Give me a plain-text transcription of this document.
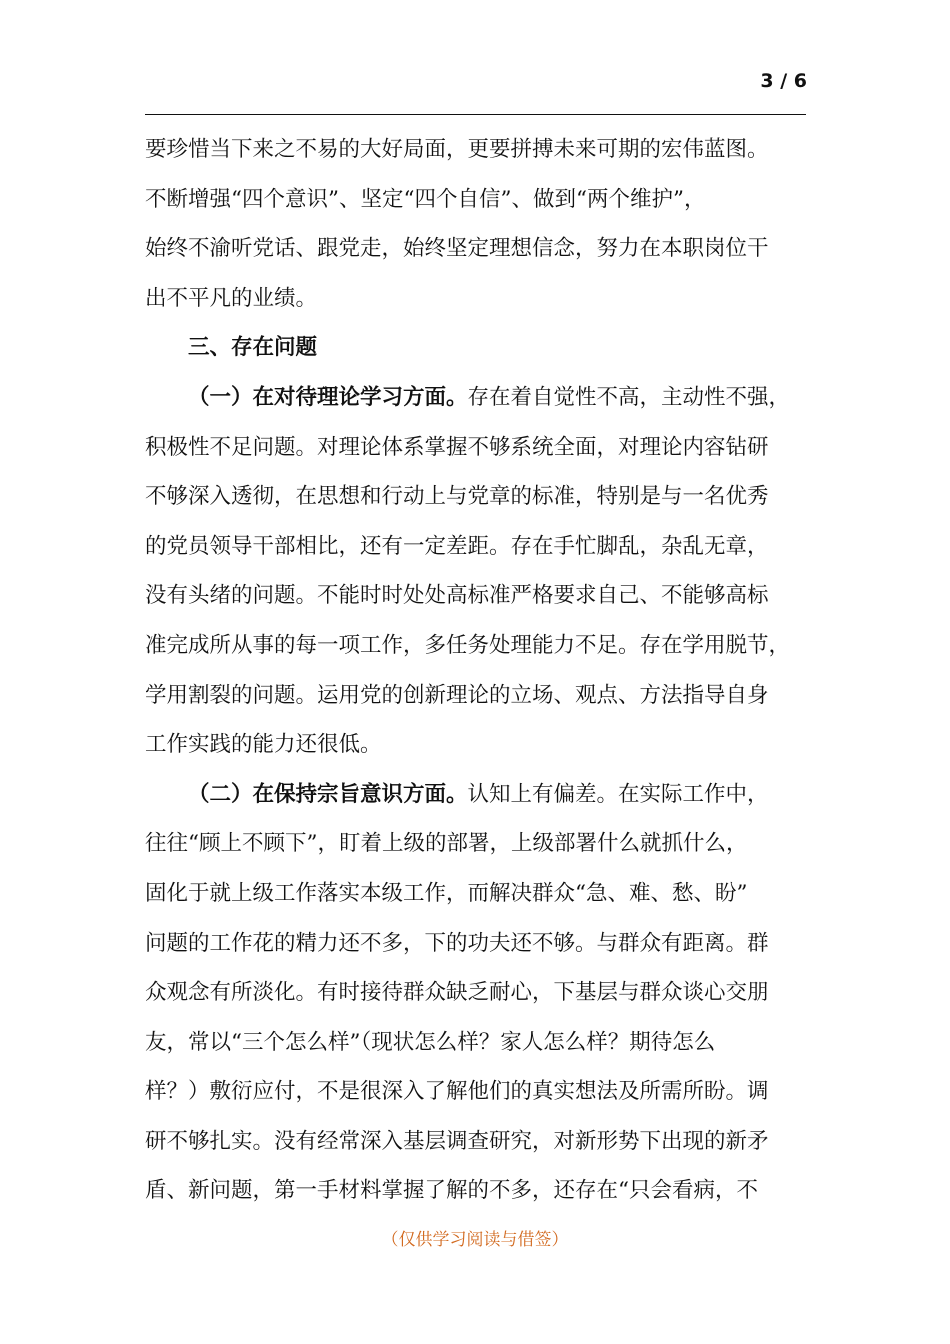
3 / 6
要珍惜当下来之不易的大好局面，更要拼搏未来可期的宏伟蓝图。
不断增强“四个意识”、坚定“四个自信”、做到“两个维护”，
始终不渝听党话、跟党走，始终坚定理想信念，努力在本职岗位干
出不平凡的业绩。
三、存在问题
（一）在对待理论学习方面。存在着自觉性不高，主动性不强，
积极性不足问题。对理论体系掌握不够系统全面，对理论内容钻研
不够深入透彻，在思想和行动上与党章的标准，特别是与一名优秀
的党员领导干部相比，还有一定差距。存在手忙脚乱，杂乱无章，
没有头绪的问题。不能时时处处高标准严格要求自己、不能够高标
准完成所从事的每一项工作，多任务处理能力不足。存在学用脱节，
学用割裂的问题。运用党的创新理论的立场、观点、方法指导自身
工作实践的能力还很低。
（二）在保持宗旨意识方面。认知上有偏差。在实际工作中，
往往“顾上不顾下”，盯着上级的部署，上级部署什么就抓什么，
固化于就上级工作落实本级工作，而解决群众“急、难、愁、盼”
问题的工作花的精力还不多，下的功夫还不够。与群众有距离。群
众观念有所淡化。有时接待群众缺乏耐心，下基层与群众谈心交朋
友，常以“三个怎么样”（现状怎么样？家人怎么样？期待怎么
样？）敷衍应付，不是很深入了解他们的真实想法及所需所盼。调
研不够扎实。没有经常深入基层调查研究，对新形势下出现的新矛
盾、新问题，第一手材料掌握了解的不多，还存在“只会看病，不
（仅供学习阅读与借签）
